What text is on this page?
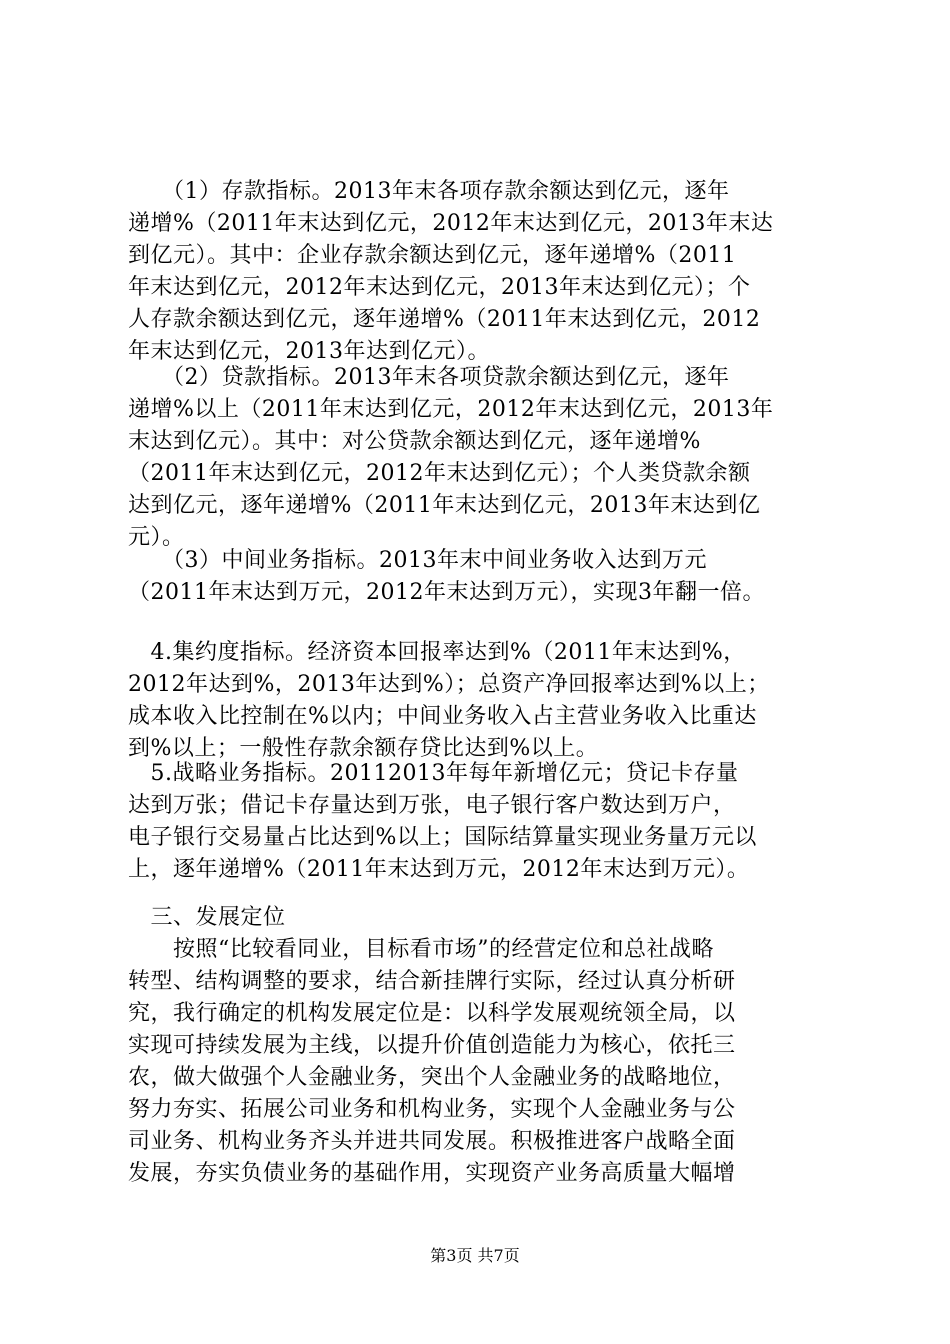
　　（1）存款指标。2013年末各项存款余额达到亿元，逐年
递增%（2011年末达到亿元，2012年末达到亿元，2013年末达
到亿元）。其中：企业存款余额达到亿元，逐年递增%（2011
年末达到亿元，2012年末达到亿元，2013年末达到亿元）；个
人存款余额达到亿元，逐年递增%（2011年末达到亿元，2012
年末达到亿元，2013年达到亿元）。

　　（2）贷款指标。2013年末各项贷款余额达到亿元，逐年
递增%以上（2011年末达到亿元，2012年末达到亿元，2013年
末达到亿元）。其中：对公贷款余额达到亿元，逐年递增%
（2011年末达到亿元，2012年末达到亿元）；个人类贷款余额
达到亿元，逐年递增%（2011年末达到亿元，2013年末达到亿
元）。

　　（3）中间业务指标。2013年末中间业务收入达到万元
（2011年末达到万元，2012年末达到万元），实现3年翻一倍。

　4.集约度指标。经济资本回报率达到%（2011年末达到%，
2012年达到%，2013年达到%）；总资产净回报率达到%以上；
成本收入比控制在%以内；中间业务收入占主营业务收入比重达
到%以上；一般性存款余额存贷比达到%以上。

　5.战略业务指标。20112013年每年新增亿元；贷记卡存量
达到万张；借记卡存量达到万张，电子银行客户数达到万户，
电子银行交易量占比达到%以上；国际结算量实现业务量万元以
上，逐年递增%（2011年末达到万元，2012年末达到万元）。

　三、发展定位

　　按照“比较看同业，目标看市场”的经营定位和总社战略
转型、结构调整的要求，结合新挂牌行实际，经过认真分析研
究，我行确定的机构发展定位是：以科学发展观统领全局，以
实现可持续发展为主线，以提升价值创造能力为核心，依托三
农，做大做强个人金融业务，突出个人金融业务的战略地位，
努力夯实、拓展公司业务和机构业务，实现个人金融业务与公
司业务、机构业务齐头并进共同发展。积极推进客户战略全面
发展，夯实负债业务的基础作用，实现资产业务高质量大幅增

第3页 共7页
